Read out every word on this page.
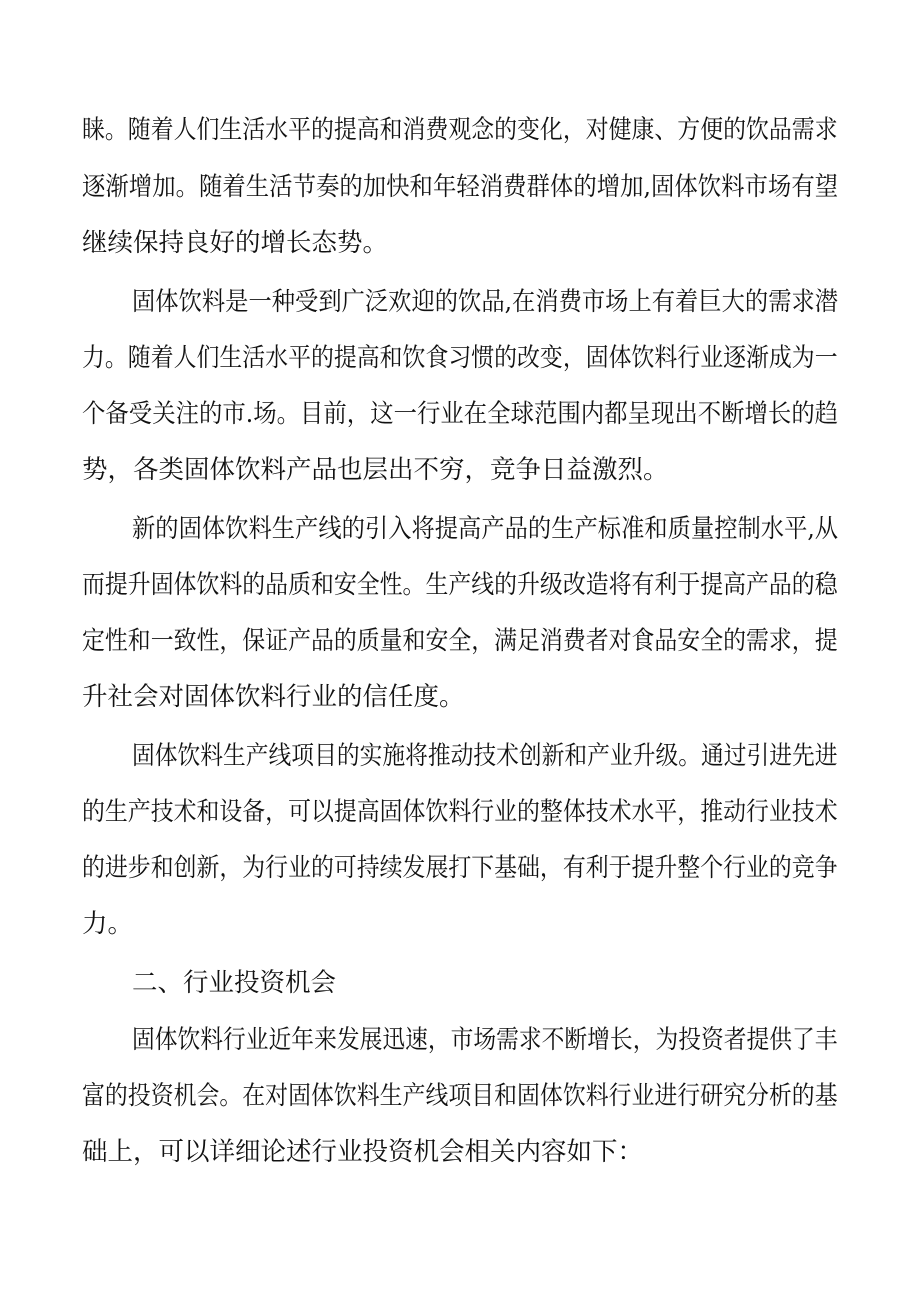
睐。随着人们生活水平的提高和消费观念的变化，对健康、方便的饮品需求
逐渐增加。随着生活节奏的加快和年轻消费群体的增加,固体饮料市场有望
继续保持良好的增长态势。
固体饮料是一种受到广泛欢迎的饮品,在消费市场上有着巨大的需求潜
力。随着人们生活水平的提高和饮食习惯的改变，固体饮料行业逐渐成为一
个备受关注的市.场。目前，这一行业在全球范围内都呈现出不断增长的趋
势，各类固体饮料产品也层出不穷，竞争日益激烈。
新的固体饮料生产线的引入将提高产品的生产标准和质量控制水平,从
而提升固体饮料的品质和安全性。生产线的升级改造将有利于提高产品的稳
定性和一致性，保证产品的质量和安全，满足消费者对食品安全的需求，提
升社会对固体饮料行业的信任度。
固体饮料生产线项目的实施将推动技术创新和产业升级。通过引进先进
的生产技术和设备，可以提高固体饮料行业的整体技术水平，推动行业技术
的进步和创新，为行业的可持续发展打下基础，有利于提升整个行业的竞争
力。
二、行业投资机会
固体饮料行业近年来发展迅速，市场需求不断增长，为投资者提供了丰
富的投资机会。在对固体饮料生产线项目和固体饮料行业进行研究分析的基
础上，可以详细论述行业投资机会相关内容如下：
